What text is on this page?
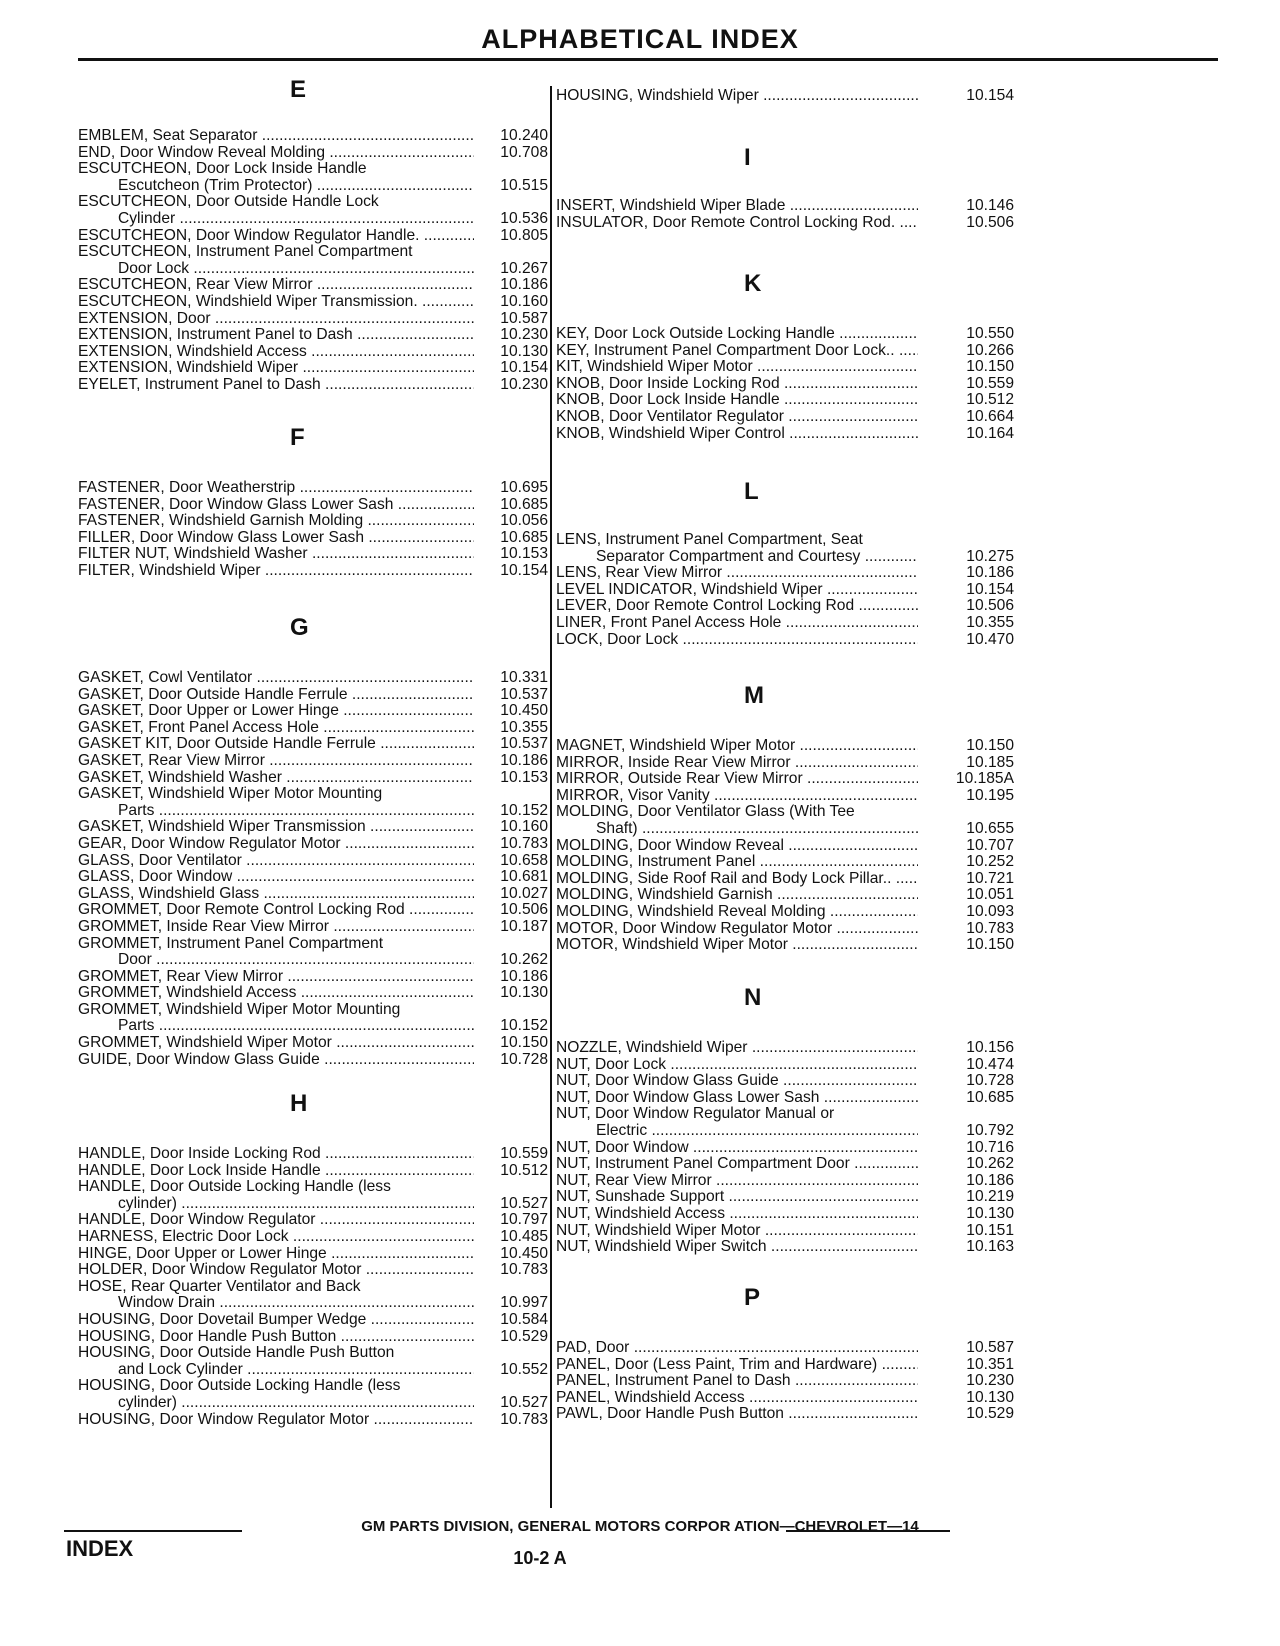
ALPHABETICAL INDEX
E
EMBLEM, Seat Separator .....	10.240
END, Door Window Reveal Molding .....	10.708
ESCUTCHEON, Door Lock Inside Handle
Escutcheon (Trim Protector) .....	10.515
ESCUTCHEON, Door Outside Handle Lock
Cylinder .....	10.536
ESCUTCHEON, Door Window Regulator Handle. .....	10.805
ESCUTCHEON, Instrument Panel Compartment
Door Lock .....	10.267
ESCUTCHEON, Rear View Mirror .....	10.186
ESCUTCHEON, Windshield Wiper Transmission. .....	10.160
EXTENSION, Door .....	10.587
EXTENSION, Instrument Panel to Dash .....	10.230
EXTENSION, Windshield Access .....	10.130
EXTENSION, Windshield Wiper .....	10.154
EYELET, Instrument Panel to Dash .....	10.230
F
FASTENER, Door Weatherstrip .....	10.695
FASTENER, Door Window Glass Lower Sash .....	10.685
FASTENER, Windshield Garnish Molding .....	10.056
FILLER, Door Window Glass Lower Sash .....	10.685
FILTER NUT, Windshield Washer .....	10.153
FILTER, Windshield Wiper .....	10.154
G
GASKET, Cowl Ventilator .....	10.331
GASKET, Door Outside Handle Ferrule .....	10.537
GASKET, Door Upper or Lower Hinge .....	10.450
GASKET, Front Panel Access Hole .....	10.355
GASKET KIT, Door Outside Handle Ferrule .....	10.537
GASKET, Rear View Mirror .....	10.186
GASKET, Windshield Washer .....	10.153
GASKET, Windshield Wiper Motor Mounting
Parts .....	10.152
GASKET, Windshield Wiper Transmission .....	10.160
GEAR, Door Window Regulator Motor .....	10.783
GLASS, Door Ventilator .....	10.658
GLASS, Door Window .....	10.681
GLASS, Windshield Glass .....	10.027
GROMMET, Door Remote Control Locking Rod .....	10.506
GROMMET, Inside Rear View Mirror .....	10.187
GROMMET, Instrument Panel Compartment
Door .....	10.262
GROMMET, Rear View Mirror .....	10.186
GROMMET, Windshield Access .....	10.130
GROMMET, Windshield Wiper Motor Mounting
Parts .....	10.152
GROMMET, Windshield Wiper Motor .....	10.150
GUIDE, Door Window Glass Guide .....	10.728
H
HANDLE, Door Inside Locking Rod .....	10.559
HANDLE, Door Lock Inside Handle .....	10.512
HANDLE, Door Outside Locking Handle (less
cylinder) .....	10.527
HANDLE, Door Window Regulator .....	10.797
HARNESS, Electric Door Lock .....	10.485
HINGE, Door Upper or Lower Hinge .....	10.450
HOLDER, Door Window Regulator Motor .....	10.783
HOSE, Rear Quarter Ventilator and Back
Window Drain .....	10.997
HOUSING, Door Dovetail Bumper Wedge .....	10.584
HOUSING, Door Handle Push Button .....	10.529
HOUSING, Door Outside Handle Push Button
and Lock Cylinder .....	10.552
HOUSING, Door Outside Locking Handle (less
cylinder) .....	10.527
HOUSING, Door Window Regulator Motor .....	10.783
HOUSING, Windshield Wiper .....	10.154
I
INSERT, Windshield Wiper Blade .....	10.146
INSULATOR, Door Remote Control Locking Rod. .....	10.506
K
KEY, Door Lock Outside Locking Handle .....	10.550
KEY, Instrument Panel Compartment Door Lock.. .....	10.266
KIT, Windshield Wiper Motor .....	10.150
KNOB, Door Inside Locking Rod .....	10.559
KNOB, Door Lock Inside Handle .....	10.512
KNOB, Door Ventilator Regulator .....	10.664
KNOB, Windshield Wiper Control .....	10.164
L
LENS, Instrument Panel Compartment, Seat
Separator Compartment and Courtesy .....	10.275
LENS, Rear View Mirror .....	10.186
LEVEL INDICATOR, Windshield Wiper .....	10.154
LEVER, Door Remote Control Locking Rod .....	10.506
LINER, Front Panel Access Hole .....	10.355
LOCK, Door Lock .....	10.470
M
MAGNET, Windshield Wiper Motor .....	10.150
MIRROR, Inside Rear View Mirror .....	10.185
MIRROR, Outside Rear View Mirror .....	10.185A
MIRROR, Visor Vanity .....	10.195
MOLDING, Door Ventilator Glass (With Tee
Shaft) .....	10.655
MOLDING, Door Window Reveal .....	10.707
MOLDING, Instrument Panel .....	10.252
MOLDING, Side Roof Rail and Body Lock Pillar.. .....	10.721
MOLDING, Windshield Garnish .....	10.051
MOLDING, Windshield Reveal Molding .....	10.093
MOTOR, Door Window Regulator Motor .....	10.783
MOTOR, Windshield Wiper Motor .....	10.150
N
NOZZLE, Windshield Wiper .....	10.156
NUT, Door Lock .....	10.474
NUT, Door Window Glass Guide .....	10.728
NUT, Door Window Glass Lower Sash .....	10.685
NUT, Door Window Regulator Manual or
Electric .....	10.792
NUT, Door Window .....	10.716
NUT, Instrument Panel Compartment Door .....	10.262
NUT, Rear View Mirror .....	10.186
NUT, Sunshade Support .....	10.219
NUT, Windshield Access .....	10.130
NUT, Windshield Wiper Motor .....	10.151
NUT, Windshield Wiper Switch .....	10.163
P
PAD, Door .....	10.587
PANEL, Door (Less Paint, Trim and Hardware) .....	10.351
PANEL, Instrument Panel to Dash .....	10.230
PANEL, Windshield Access .....	10.130
PAWL, Door Handle Push Button .....	10.529
GM PARTS DIVISION, GENERAL MOTORS CORPOR ATION—CHEVROLET—14
INDEX	10-2 A
